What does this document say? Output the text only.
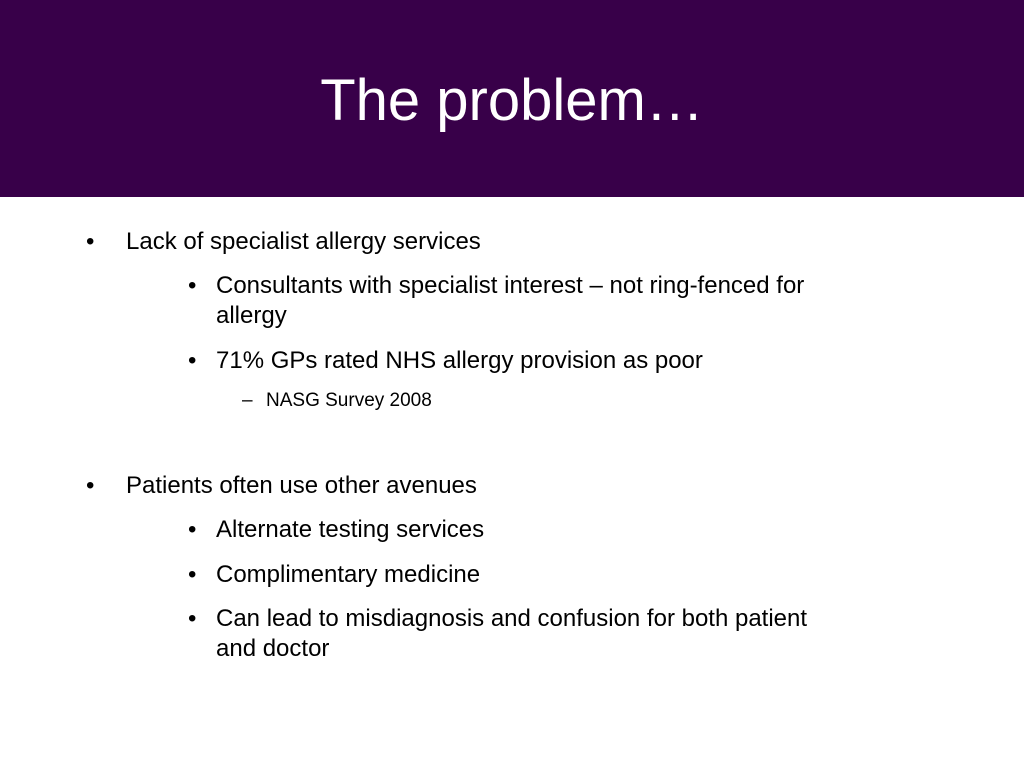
The problem…
• Lack of specialist allergy services
• Consultants with specialist interest – not ring-fenced for
allergy
• 71% GPs rated NHS allergy provision as poor
– NASG Survey 2008
• Patients often use other avenues
• Alternate testing services
• Complimentary medicine
• Can lead to misdiagnosis and confusion for both patient
and doctor
